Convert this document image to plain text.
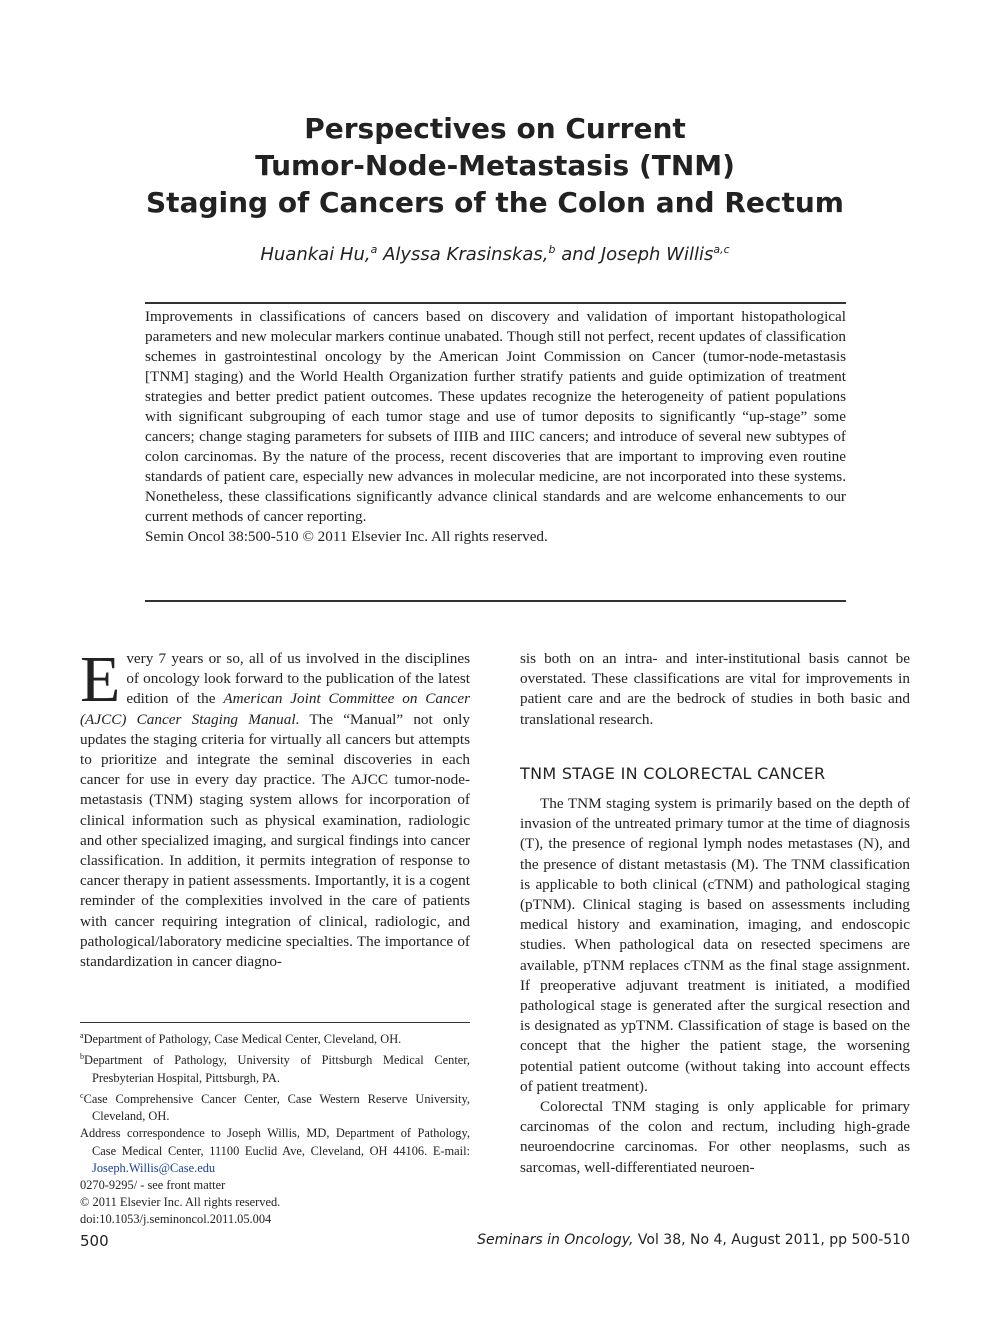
Perspectives on Current
Tumor-Node-Metastasis (TNM)
Staging of Cancers of the Colon and Rectum
Huankai Hu,$^a$ Alyssa Krasinskas,$^b$ and Joseph Willis$^{a,c}$

Improvements in classifications of cancers based on discovery and validation of important histopathological parameters and new molecular markers continue unabated. Though still not perfect, recent updates of classification schemes in gastrointestinal oncology by the American Joint Commission on Cancer (tumor-node-metastasis [TNM] staging) and the World Health Organization further stratify patients and guide optimization of treatment strategies and better predict patient outcomes. These updates recognize the heterogeneity of patient populations with significant subgrouping of each tumor stage and use of tumor deposits to significantly “up-stage” some cancers; change staging parameters for subsets of IIIB and IIIC cancers; and introduce of several new subtypes of colon carcinomas. By the nature of the process, recent discoveries that are important to improving even routine standards of patient care, especially new advances in molecular medicine, are not incorporated into these systems. Nonetheless, these classifications significantly advance clinical standards and are welcome enhancements to our current methods of cancer reporting.

Semin Oncol 38:500-510 © 2011 Elsevier Inc. All rights reserved.

Every 7 years or so, all of us involved in the disciplines of oncology look forward to the publication of the latest edition of the American Joint Committee on Cancer (AJCC) Cancer Staging Manual. The “Manual” not only updates the staging criteria for virtually all cancers but attempts to prioritize and integrate the seminal discoveries in each cancer for use in every day practice. The AJCC tumor-node-metastasis (TNM) staging system allows for incorporation of clinical information such as physical examination, radiologic and other specialized imaging, and surgical findings into cancer classification. In addition, it permits integration of response to cancer therapy in patient assessments. Importantly, it is a cogent reminder of the complexities involved in the care of patients with cancer requiring integration of clinical, radiologic, and pathological/laboratory medicine specialties. The importance of standardization in cancer diagno-

sis both on an intra- and inter-institutional basis cannot be overstated. These classifications are vital for improvements in patient care and are the bedrock of studies in both basic and translational research.

TNM STAGE IN COLORECTAL CANCER

The TNM staging system is primarily based on the depth of invasion of the untreated primary tumor at the time of diagnosis (T), the presence of regional lymph nodes metastases (N), and the presence of distant metastasis (M). The TNM classification is applicable to both clinical (cTNM) and pathological staging (pTNM). Clinical staging is based on assessments including medical history and examination, imaging, and endoscopic studies. When pathological data on resected specimens are available, pTNM replaces cTNM as the final stage assignment. If preoperative adjuvant treatment is initiated, a modified pathological stage is generated after the surgical resection and is designated as ypTNM. Classification of stage is based on the concept that the higher the patient stage, the worsening potential patient outcome (without taking into account effects of patient treatment).

Colorectal TNM staging is only applicable for primary carcinomas of the colon and rectum, including high-grade neuroendocrine carcinomas. For other neoplasms, such as sarcomas, well-differentiated neuroen-

$^a$Department of Pathology, Case Medical Center, Cleveland, OH.

$^b$Department of Pathology, University of Pittsburgh Medical Center, Presbyterian Hospital, Pittsburgh, PA.

$^c$Case Comprehensive Cancer Center, Case Western Reserve University, Cleveland, OH.

Address correspondence to Joseph Willis, MD, Department of Pathology, Case Medical Center, 11100 Euclid Ave, Cleveland, OH 44106. E-mail: Joseph.Willis@Case.edu

0270-9295/ - see front matter

© 2011 Elsevier Inc. All rights reserved.

doi:10.1053/j.seminoncol.2011.05.004

500	Seminars in Oncology, Vol 38, No 4, August 2011, pp 500-510
